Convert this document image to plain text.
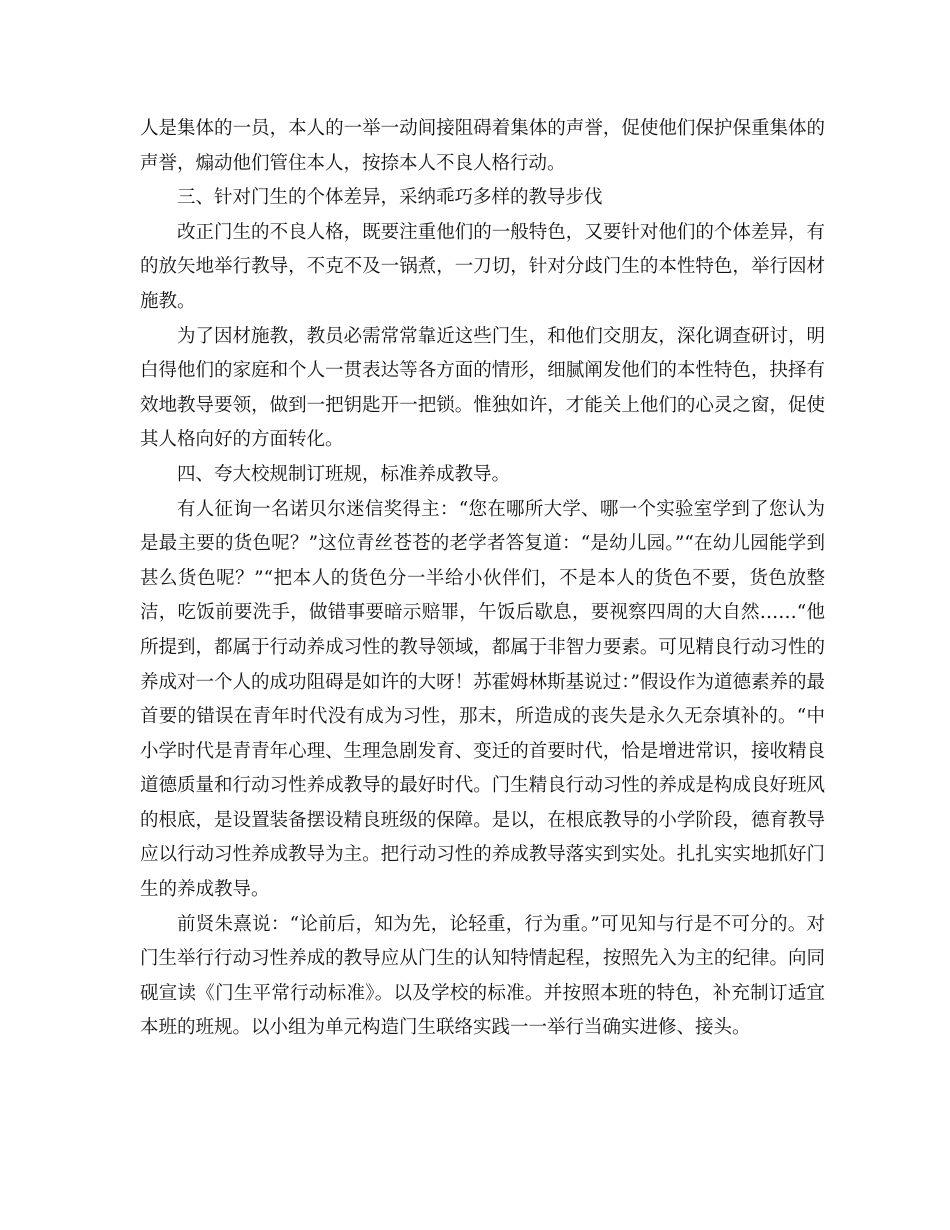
人是集体的一员，本人的一举一动间接阻碍着集体的声誉，促使他们保护保重集体的声誉，煽动他们管住本人，按捺本人不良人格行动。

三、针对门生的个体差异，采纳乖巧多样的教导步伐

改正门生的不良人格，既要注重他们的一般特色，又要针对他们的个体差异，有的放矢地举行教导，不克不及一锅煮，一刀切，针对分歧门生的本性特色，举行因材施教。

为了因材施教，教员必需常常靠近这些门生，和他们交朋友，深化调查研讨，明白得他们的家庭和个人一贯表达等各方面的情形，细腻阐发他们的本性特色，抉择有效地教导要领，做到一把钥匙开一把锁。惟独如许，才能关上他们的心灵之窗，促使其人格向好的方面转化。

四、夸大校规制订班规，标准养成教导。

有人征询一名诺贝尔迷信奖得主：“您在哪所大学、哪一个实验室学到了您认为是最主要的货色呢？”这位青丝苍苍的老学者答复道：“是幼儿园。”“在幼儿园能学到甚么货色呢？”“把本人的货色分一半给小伙伴们，不是本人的货色不要，货色放整洁，吃饭前要洗手，做错事要暗示赔罪，午饭后歇息，要视察四周的大自然……“他所提到，都属于行动养成习性的教导领域，都属于非智力要素。可见精良行动习性的养成对一个人的成功阻碍是如许的大呀！苏霍姆林斯基说过：”假设作为道德素养的最首要的错误在青年时代没有成为习性，那末，所造成的丧失是永久无奈填补的。“中小学时代是青青年心理、生理急剧发育、变迁的首要时代，恰是增进常识，接收精良道德质量和行动习性养成教导的最好时代。门生精良行动习性的养成是构成良好班风的根底，是设置装备摆设精良班级的保障。是以，在根底教导的小学阶段，德育教导应以行动习性养成教导为主。把行动习性的养成教导落实到实处。扎扎实实地抓好门生的养成教导。

前贤朱熹说：“论前后，知为先，论轻重，行为重。”可见知与行是不可分的。对门生举行行动习性养成的教导应从门生的认知特情起程，按照先入为主的纪律。向同砚宣读《门生平常行动标准》。以及学校的标准。并按照本班的特色，补充制订适宜本班的班规。以小组为单元构造门生联络实践一一举行当确实进修、接头。
